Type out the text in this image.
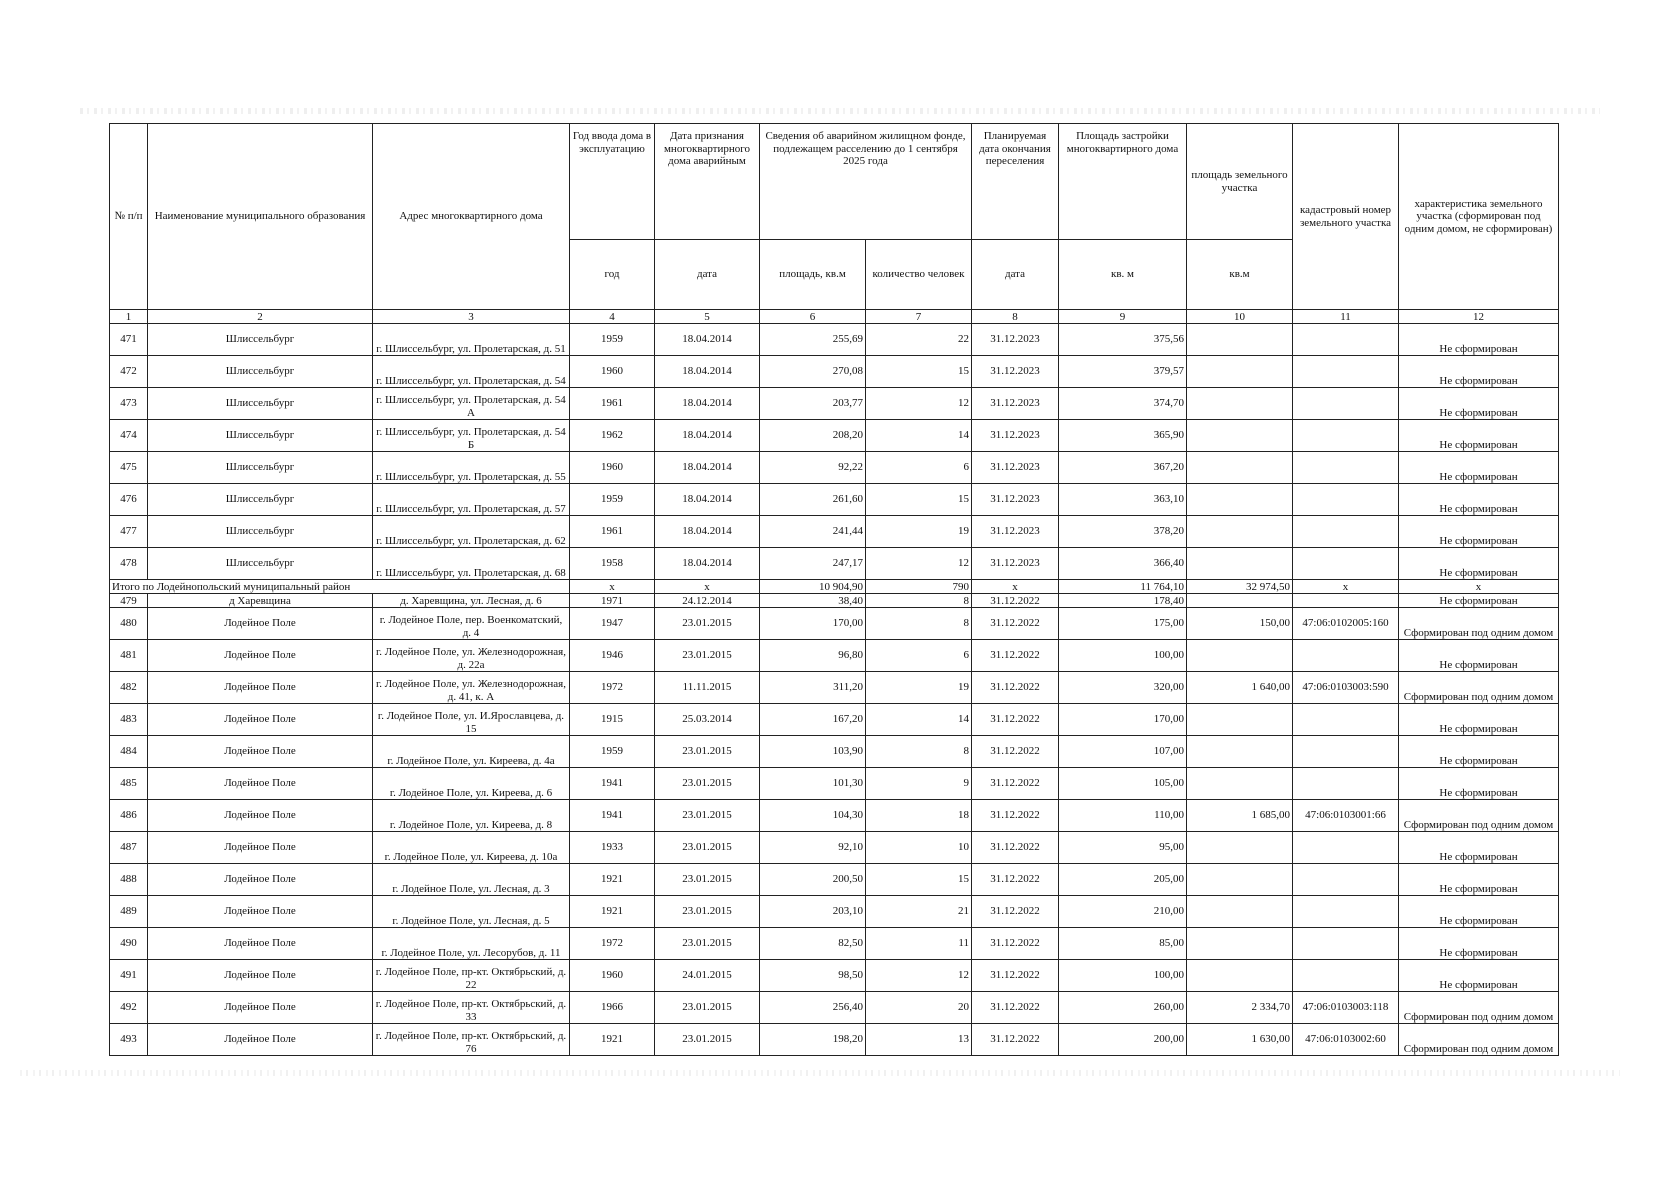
№ п/п	Наименование муниципального образования	Адрес многоквартирного дома	Год ввода дома в эксплуатацию	Дата признания многоквартирного дома аварийным	Сведения об аварийном жилищном фонде, подлежащем расселению до 1 сентября 2025 года		Планируемая дата окончания переселения	Площадь застройки многоквартирного дома	площадь земельного участка	кадастровый номер земельного участка	характеристика земельного участка (сформирован под одним домом, не сформирован)
			год	дата	площадь, кв.м	количество человек	дата	кв. м	кв.м		
1	2	3	4	5	6	7	8	9	10	11	12
471	Шлиссельбург	г. Шлиссельбург, ул. Пролетарская, д. 51	1959	18.04.2014	255,69	22	31.12.2023	375,56			Не сформирован
472	Шлиссельбург	г. Шлиссельбург, ул. Пролетарская, д. 54	1960	18.04.2014	270,08	15	31.12.2023	379,57			Не сформирован
473	Шлиссельбург	г. Шлиссельбург, ул. Пролетарская, д. 54 А	1961	18.04.2014	203,77	12	31.12.2023	374,70			Не сформирован
474	Шлиссельбург	г. Шлиссельбург, ул. Пролетарская, д. 54 Б	1962	18.04.2014	208,20	14	31.12.2023	365,90			Не сформирован
475	Шлиссельбург	г. Шлиссельбург, ул. Пролетарская, д. 55	1960	18.04.2014	92,22	6	31.12.2023	367,20			Не сформирован
476	Шлиссельбург	г. Шлиссельбург, ул. Пролетарская, д. 57	1959	18.04.2014	261,60	15	31.12.2023	363,10			Не сформирован
477	Шлиссельбург	г. Шлиссельбург, ул. Пролетарская, д. 62	1961	18.04.2014	241,44	19	31.12.2023	378,20			Не сформирован
478	Шлиссельбург	г. Шлиссельбург, ул. Пролетарская, д. 68	1958	18.04.2014	247,17	12	31.12.2023	366,40			Не сформирован
Итого по Лодейнопольский муниципальный район			x	x	10 904,90	790	x	11 764,10	32 974,50	x	x
479	д Харевщина	д. Харевщина, ул. Лесная, д. 6	1971	24.12.2014	38,40	8	31.12.2022	178,40			Не сформирован
480	Лодейное Поле	г. Лодейное Поле, пер. Военкоматский, д. 4	1947	23.01.2015	170,00	8	31.12.2022	175,00	150,00	47:06:0102005:160	Сформирован под одним домом
481	Лодейное Поле	г. Лодейное Поле, ул. Железнодорожная, д. 22а	1946	23.01.2015	96,80	6	31.12.2022	100,00			Не сформирован
482	Лодейное Поле	г. Лодейное Поле, ул. Железнодорожная, д. 41, к. А	1972	11.11.2015	311,20	19	31.12.2022	320,00	1 640,00	47:06:0103003:590	Сформирован под одним домом
483	Лодейное Поле	г. Лодейное Поле, ул. И.Ярославцева, д. 15	1915	25.03.2014	167,20	14	31.12.2022	170,00			Не сформирован
484	Лодейное Поле	г. Лодейное Поле, ул. Киреева, д. 4а	1959	23.01.2015	103,90	8	31.12.2022	107,00			Не сформирован
485	Лодейное Поле	г. Лодейное Поле, ул. Киреева, д. 6	1941	23.01.2015	101,30	9	31.12.2022	105,00			Не сформирован
486	Лодейное Поле	г. Лодейное Поле, ул. Киреева, д. 8	1941	23.01.2015	104,30	18	31.12.2022	110,00	1 685,00	47:06:0103001:66	Сформирован под одним домом
487	Лодейное Поле	г. Лодейное Поле, ул. Киреева, д. 10а	1933	23.01.2015	92,10	10	31.12.2022	95,00			Не сформирован
488	Лодейное Поле	г. Лодейное Поле, ул. Лесная, д. 3	1921	23.01.2015	200,50	15	31.12.2022	205,00			Не сформирован
489	Лодейное Поле	г. Лодейное Поле, ул. Лесная, д. 5	1921	23.01.2015	203,10	21	31.12.2022	210,00			Не сформирован
490	Лодейное Поле	г. Лодейное Поле, ул. Лесорубов, д. 11	1972	23.01.2015	82,50	11	31.12.2022	85,00			Не сформирован
491	Лодейное Поле	г. Лодейное Поле, пр-кт. Октябрьский, д. 22	1960	24.01.2015	98,50	12	31.12.2022	100,00			Не сформирован
492	Лодейное Поле	г. Лодейное Поле, пр-кт. Октябрьский, д. 33	1966	23.01.2015	256,40	20	31.12.2022	260,00	2 334,70	47:06:0103003:118	Сформирован под одним домом
493	Лодейное Поле	г. Лодейное Поле, пр-кт. Октябрьский, д. 76	1921	23.01.2015	198,20	13	31.12.2022	200,00	1 630,00	47:06:0103002:60	Сформирован под одним домом
